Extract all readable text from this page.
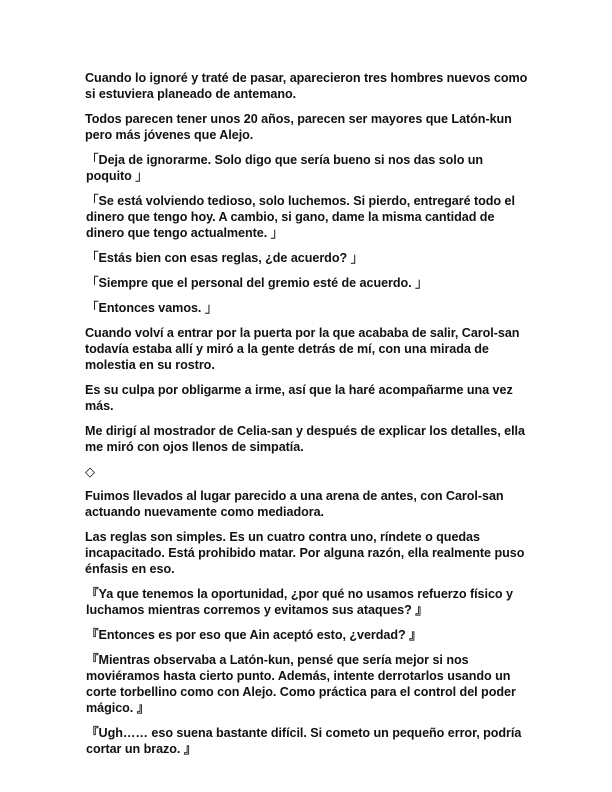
Cuando lo ignoré y traté de pasar, aparecieron tres hombres nuevos como si estuviera planeado de antemano.

Todos parecen tener unos 20 años, parecen ser mayores que Latón-kun pero más jóvenes que Alejo.

「Deja de ignorarme. Solo digo que sería bueno si nos das solo un poquito 」

「Se está volviendo tedioso, solo luchemos. Si pierdo, entregaré todo el dinero que tengo hoy. A cambio, si gano, dame la misma cantidad de dinero que tengo actualmente. 」

「Estás bien con esas reglas, ¿de acuerdo? 」

「Siempre que el personal del gremio esté de acuerdo. 」

「Entonces vamos. 」

Cuando volví a entrar por la puerta por la que acababa de salir, Carol-san todavía estaba allí y miró a la gente detrás de mí, con una mirada de molestia en su rostro.

Es su culpa por obligarme a irme, así que la haré acompañarme una vez más.

Me dirigí al mostrador de Celia-san y después de explicar los detalles, ella me miró con ojos llenos de simpatía.

◇

Fuimos llevados al lugar parecido a una arena de antes, con Carol-san actuando nuevamente como mediadora.

Las reglas son simples. Es un cuatro contra uno, ríndete o quedas incapacitado. Está prohibido matar. Por alguna razón, ella realmente puso énfasis en eso.

『Ya que tenemos la oportunidad, ¿por qué no usamos refuerzo físico y luchamos mientras corremos y evitamos sus ataques? 』

『Entonces es por eso que Ain aceptó esto, ¿verdad? 』

『Mientras observaba a Latón-kun, pensé que sería mejor si nos moviéramos hasta cierto punto. Además, intente derrotarlos usando un corte torbellino como con Alejo. Como práctica para el control del poder mágico. 』

『Ugh…… eso suena bastante difícil. Si cometo un pequeño error, podría cortar un brazo. 』
